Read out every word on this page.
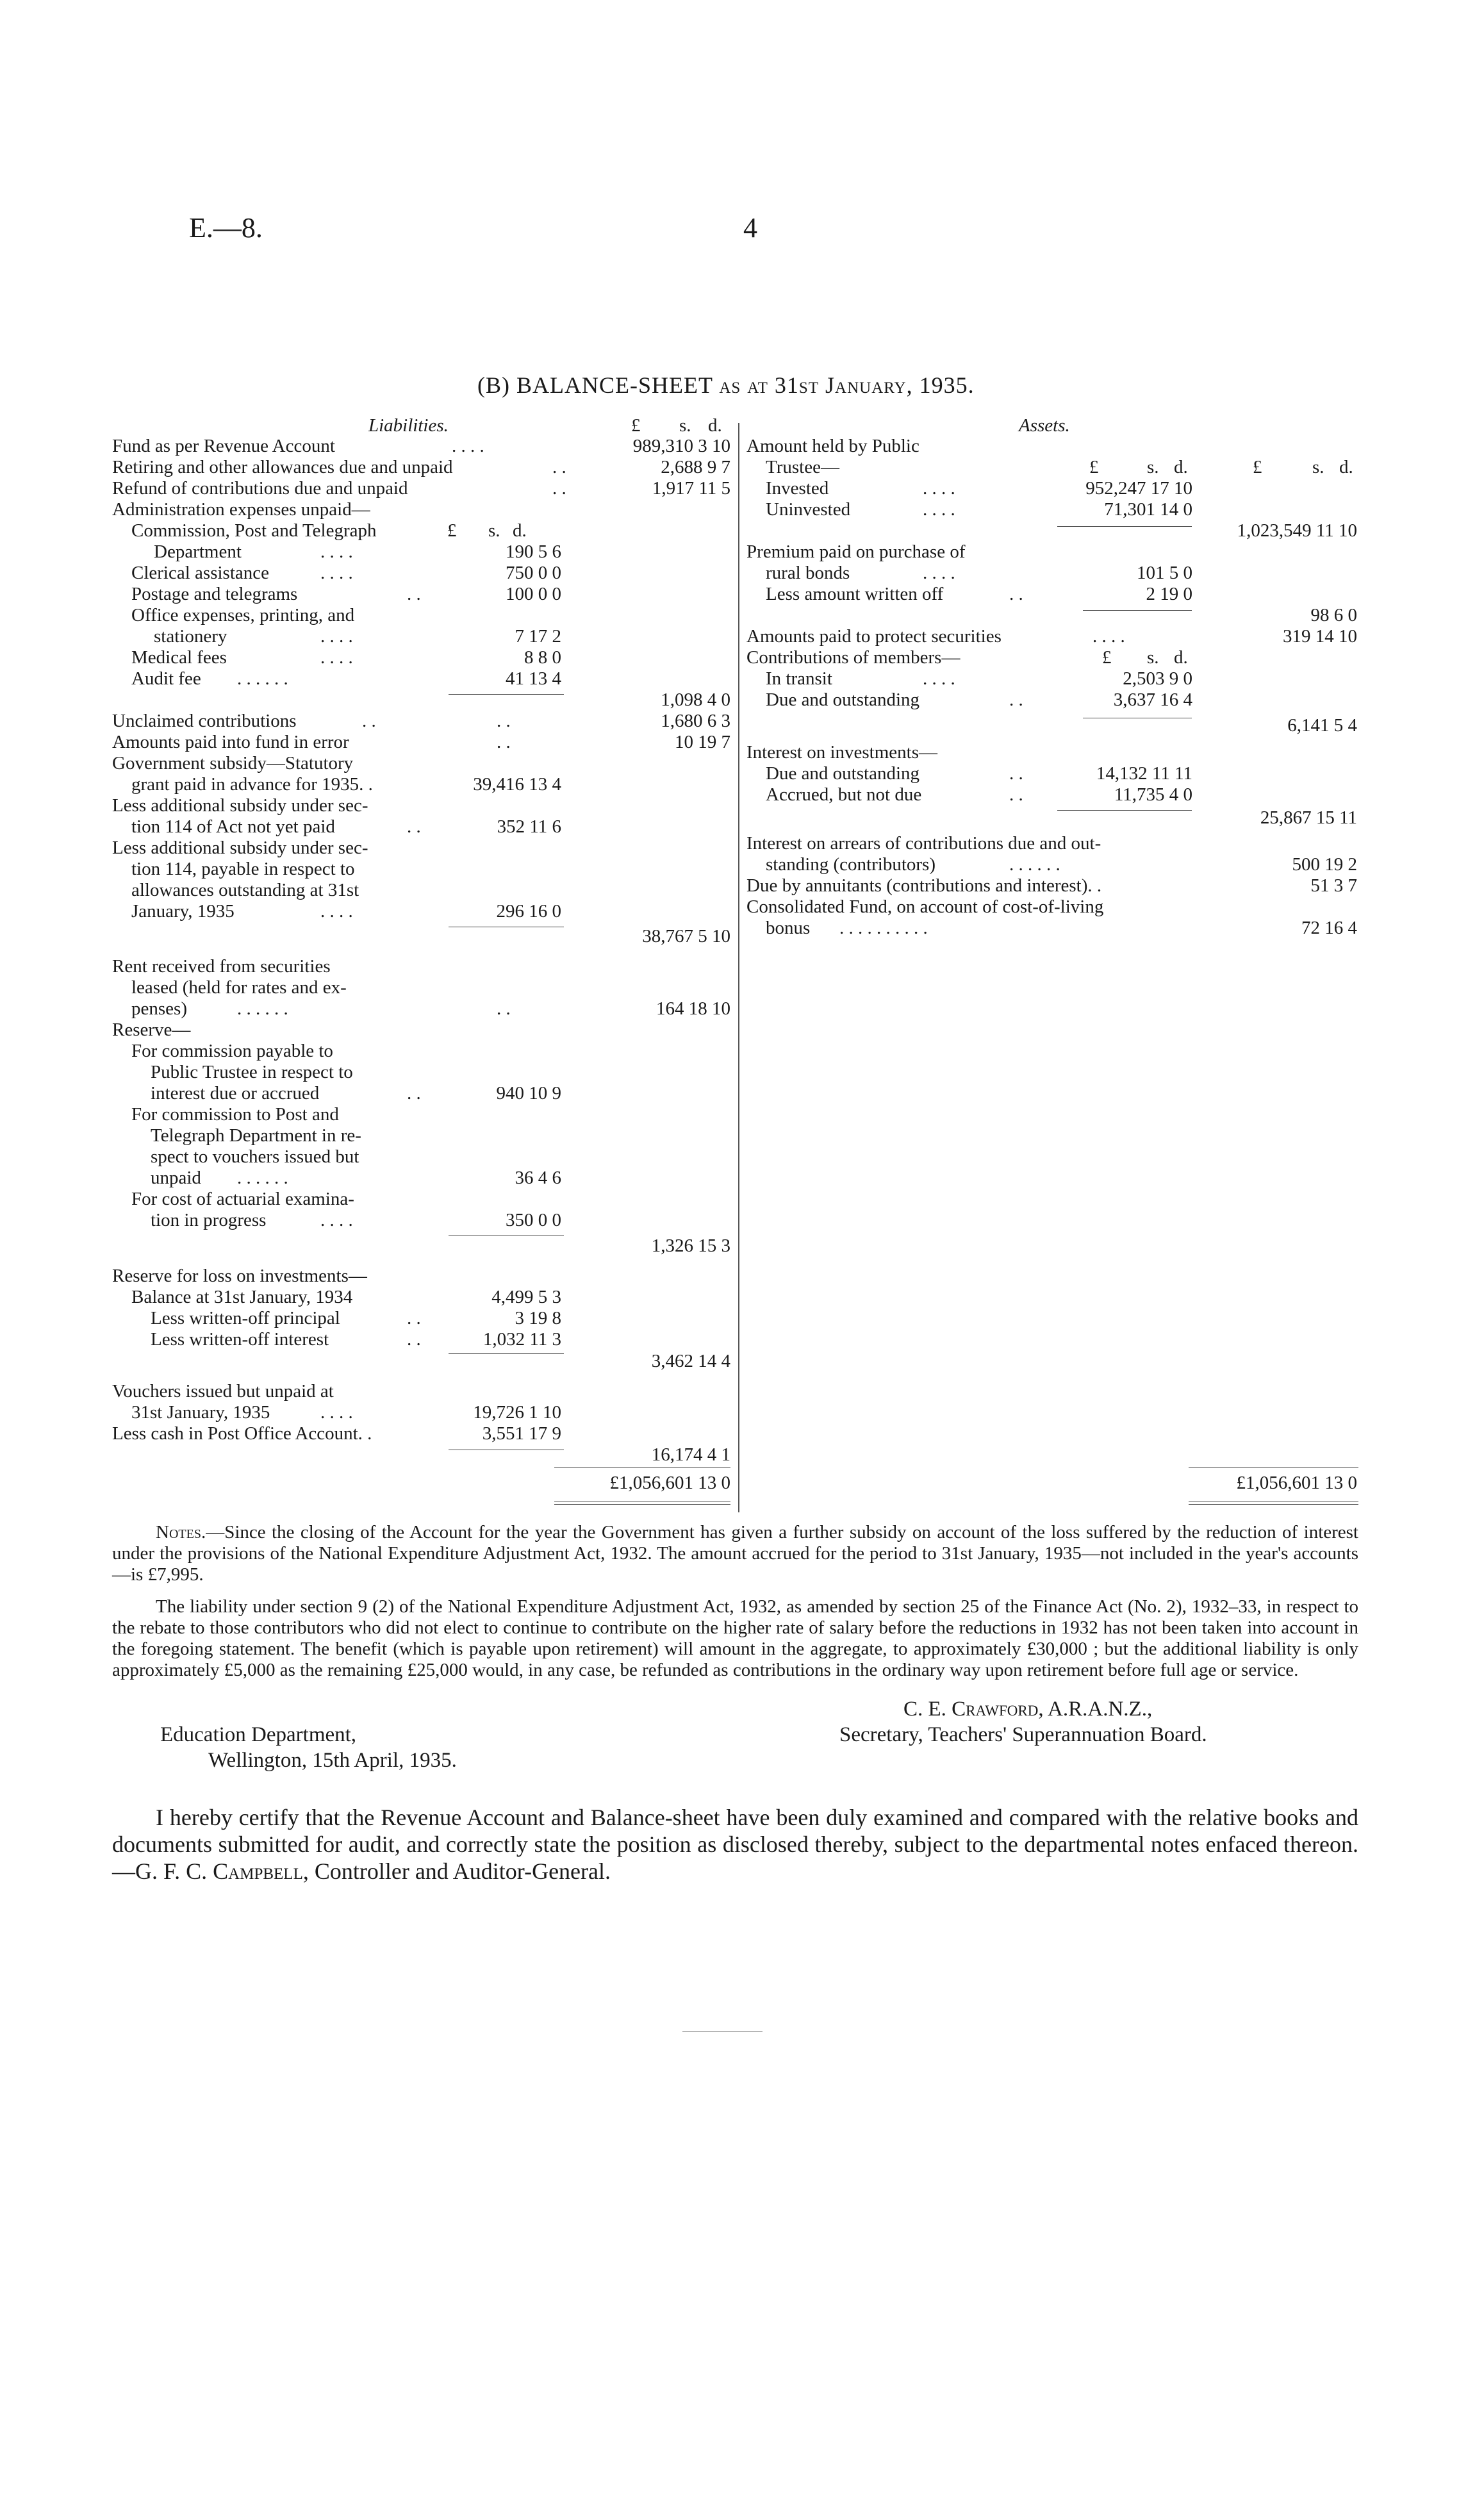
E.—8.	4
(B) BALANCE-SHEET as at 31st January, 1935.
Liabilities.	£ s. d.
Fund as per Revenue Account	. . . .	989,310 3 10
Retiring and other allowances due and unpaid	. .	2,688 9 7
Refund of contributions due and unpaid	. .	1,917 11 5
Administration expenses unpaid—
£ s. d.
Commission, Post and Telegraph
Department	. . . .	190 5 6
Clerical assistance	. . . .	750 0 0
Postage and telegrams	. .	100 0 0
Office expenses, printing, and
stationery	. . . .	7 17 2
Medical fees	. . . .	8 8 0
Audit fee . . . . . .	41 13 4
1,098 4 0
Unclaimed contributions	. .	. .	1,680 6 3
Amounts paid into fund in error	. .	10 19 7
Government subsidy—Statutory
grant paid in advance for 1935. .	39,416 13 4
Less additional subsidy under sec-
tion 114 of Act not yet paid	. .	352 11 6
Less additional subsidy under sec-
tion 114, payable in respect to
allowances outstanding at 31st
January, 1935	. . . .	296 16 0
38,767 5 10
Rent received from securities
leased (held for rates and ex-
penses)	. . . . . .	. .	164 18 10
Reserve—
For commission payable to
Public Trustee in respect to
interest due or accrued	. .	940 10 9
For commission to Post and
Telegraph Department in re-
spect to vouchers issued but
unpaid . . . . . .	36 4 6
For cost of actuarial examina-
tion in progress	. . . .	350 0 0
1,326 15 3
Reserve for loss on investments—
Balance at 31st January, 1934	4,499 5 3
Less written-off principal	. .	3 19 8
Less written-off interest	. .	1,032 11 3
3,462 14 4
Vouchers issued but unpaid at
31st January, 1935	. . . .	19,726 1 10
Less cash in Post Office Account. .	3,551 17 9
16,174 4 1
£1,056,601 13 0
Assets.
Amount held by Public
Trustee—	£	s. d.	£	s. d.
Invested	. . . .	952,247 17 10
Uninvested	. . . .	71,301 14 0
1,023,549 11 10
Premium paid on purchase of
rural bonds	. . . .	101 5 0
Less amount written off	. .	2 19 0
98 6 0
Amounts paid to protect securities	. . . .	319 14 10
Contributions of members—	£ s. d.
In transit	. . . .	2,503 9 0
Due and outstanding	. .	3,637 16 4
6,141 5 4
Interest on investments—
Due and outstanding	. .	14,132 11 11
Accrued, but not due	. .	11,735 4 0
25,867 15 11
Interest on arrears of contributions due and out-
standing (contributors)	. . . . . .	500 19 2
Due by annuitants (contributions and interest). .	51 3 7
Consolidated Fund, on account of cost-of-living
bonus . . . . . . . . . .	72 16 4
£1,056,601 13 0
Notes.—Since the closing of the Account for the year the Government has given a further subsidy on account of the loss suffered by the reduction of interest under the provisions of the National Expenditure Adjustment Act, 1932. The amount accrued for the period to 31st January, 1935—not included in the year's accounts—is £7,995.
The liability under section 9 (2) of the National Expenditure Adjustment Act, 1932, as amended by section 25 of the Finance Act (No. 2), 1932–33, in respect to the rebate to those contributors who did not elect to continue to contribute on the higher rate of salary before the reductions in 1932 has not been taken into account in the foregoing statement. The benefit (which is payable upon retirement) will amount in the aggregate, to approximately £30,000 ; but the additional liability is only approximately £5,000 as the remaining £25,000 would, in any case, be refunded as contributions in the ordinary way upon retirement before full age or service.
C. E. Crawford, A.R.A.N.Z.,
Secretary, Teachers' Superannuation Board.
Education Department,
Wellington, 15th April, 1935.
I hereby certify that the Revenue Account and Balance-sheet have been duly examined and compared with the relative books and documents submitted for audit, and correctly state the position as disclosed thereby, subject to the departmental notes enfaced thereon.—G. F. C. Campbell, Controller and Auditor-General.
